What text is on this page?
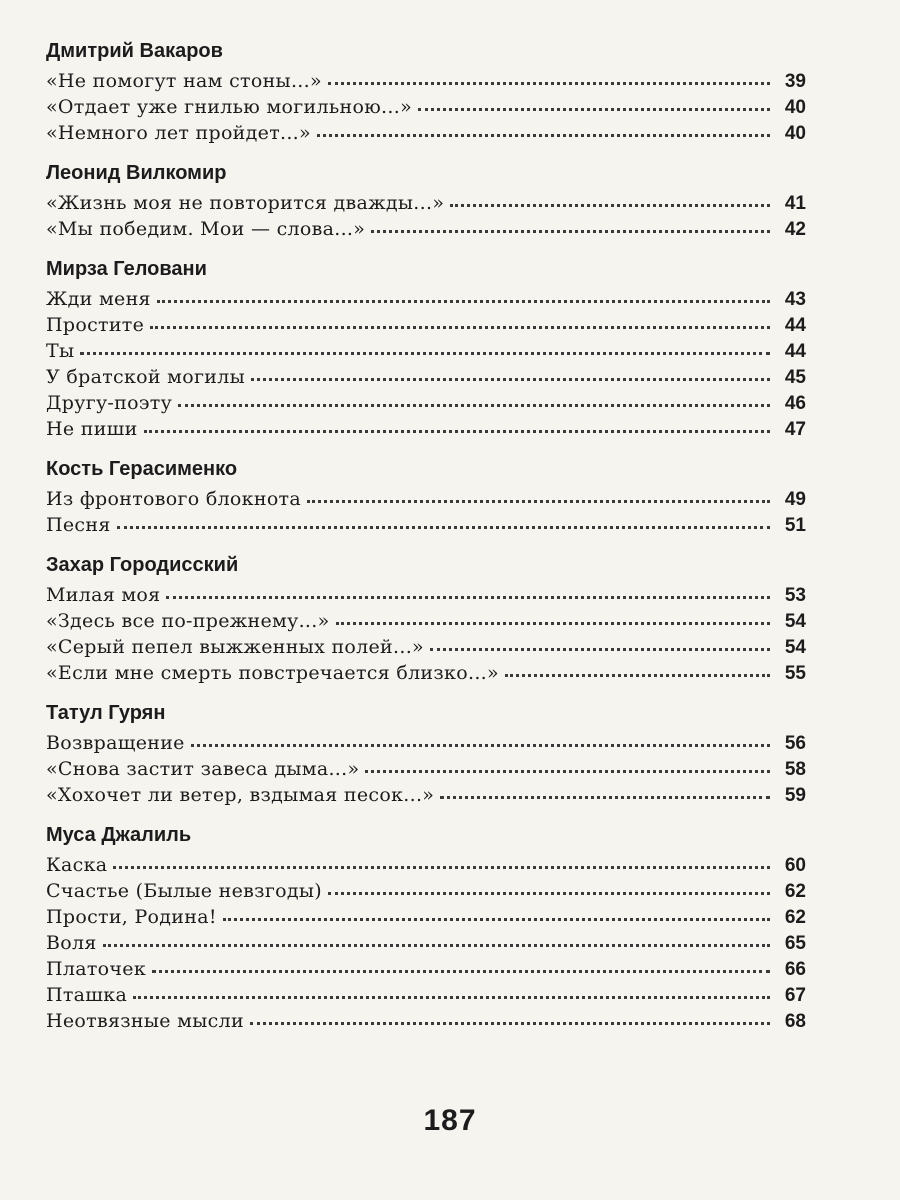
Дмитрий Вакаров
«Не помогут нам стоны...»	39
«Отдает уже гнилью могильною...»	40
«Немного лет пройдет...»	40
Леонид Вилкомир
«Жизнь моя не повторится дважды...»	41
«Мы победим. Мои — слова...»	42
Мирза Геловани
Жди меня	43
Простите	44
Ты	44
У братской могилы	45
Другу-поэту	46
Не пиши	47
Кость Герасименко
Из фронтового блокнота	49
Песня	51
Захар Городисский
Милая моя	53
«Здесь все по-прежнему...»	54
«Серый пепел выжженных полей...»	54
«Если мне смерть повстречается близко...»	55
Татул Гурян
Возвращение	56
«Снова застит завеса дыма...»	58
«Хохочет ли ветер, вздымая песок...»	59
Муса Джалиль
Каска	60
Счастье (Былые невзгоды)	62
Прости, Родина!	62
Воля	65
Платочек	66
Пташка	67
Неотвязные мысли	68
187
